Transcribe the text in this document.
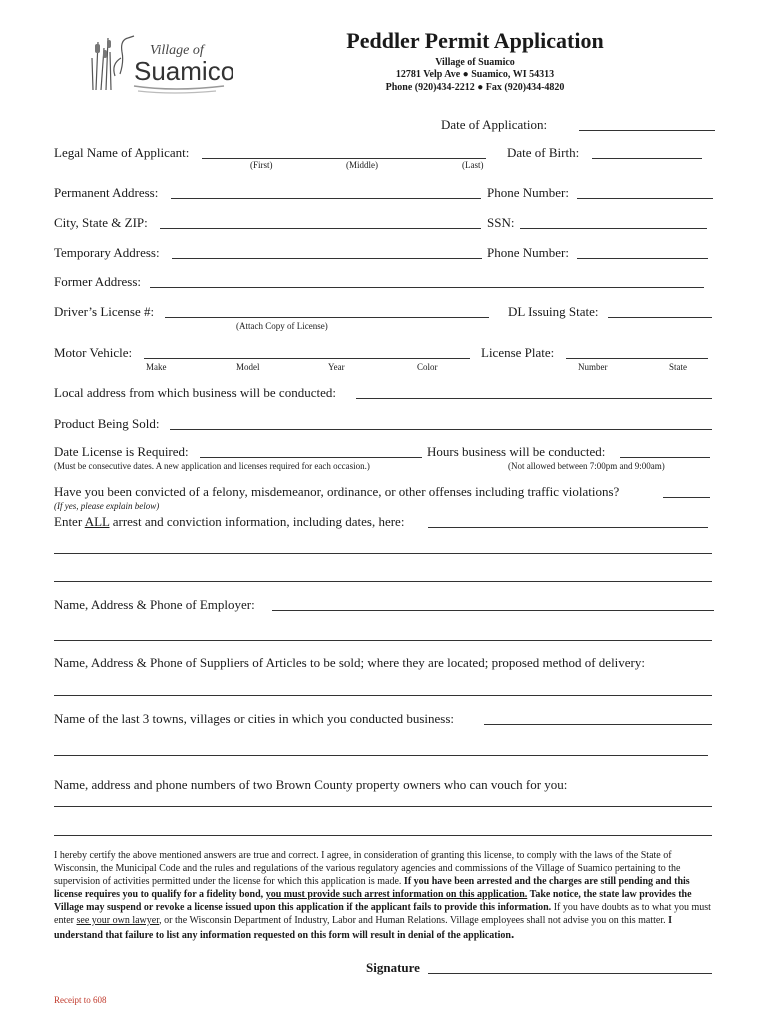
Village of
Suamico
Peddler Permit Application
Village of Suamico
12781 Velp Ave ● Suamico, WI 54313
Phone (920)434-2212 ● Fax (920)434-4820
Date of Application:
Legal Name of Applicant:
(First)	(Middle)	(Last)
Date of Birth:
Permanent Address:	Phone Number:
City, State & ZIP:	SSN:
Temporary Address:	Phone Number:
Former Address:
Driver’s License #:
(Attach Copy of License)
DL Issuing State:
Motor Vehicle:
Make	Model	Year	Color
License Plate:
Number	State
Local address from which business will be conducted:
Product Being Sold:
Date License is Required:
(Must be consecutive dates. A new application and licenses required for each occasion.)
Hours business will be conducted:
(Not allowed between 7:00pm and 9:00am)
Have you been convicted of a felony, misdemeanor, ordinance, or other offenses including traffic violations?
(If yes, please explain below)
Enter ALL arrest and conviction information, including dates, here:
Name, Address & Phone of Employer:
Name, Address & Phone of Suppliers of Articles to be sold; where they are located; proposed method of delivery:
Name of the last 3 towns, villages or cities in which you conducted business:
Name, address and phone numbers of two Brown County property owners who can vouch for you:
I hereby certify the above mentioned answers are true and correct. I agree, in consideration of granting this license, to comply with the laws of the State of Wisconsin, the Municipal Code and the rules and regulations of the various regulatory agencies and commissions of the Village of Suamico pertaining to the supervision of activities permitted under the license for which this application is made. If you have been arrested and the charges are still pending and this license requires you to qualify for a fidelity bond, you must provide such arrest information on this application. Take notice, the state law provides the Village may suspend or revoke a license issued upon this application if the applicant fails to provide this information. If you have doubts as to what you must enter see your own lawyer, or the Wisconsin Department of Industry, Labor and Human Relations. Village employees shall not advise you on this matter. I understand that failure to list any information requested on this form will result in denial of the application.
Signature
Receipt to 608
